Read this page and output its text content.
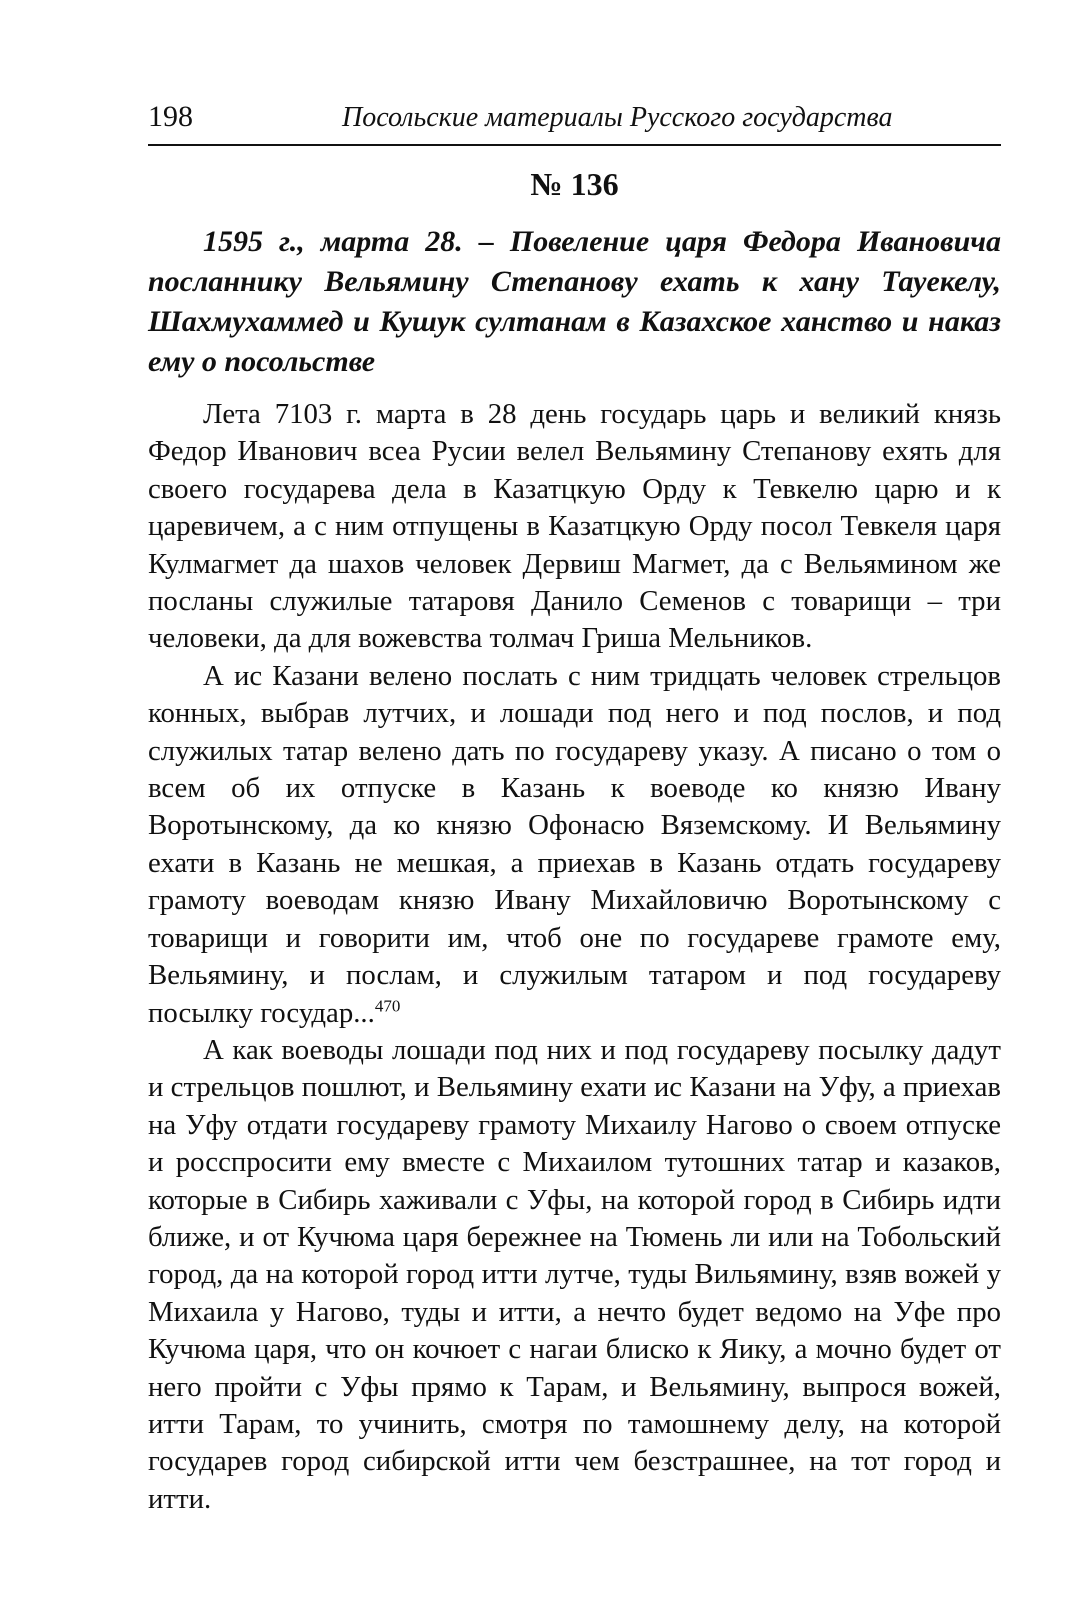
198	Посольские материалы Русского государства
№ 136
1595 г., марта 28. – Повеление царя Федора Ивановича посланнику Вельямину Степанову ехать к хану Тауекелу, Шахмухаммед и Кушук султанам в Казахское ханство и наказ ему о посольстве

Лета 7103 г. марта в 28 день государь царь и великий князь Федор Иванович всеа Русии велел Вельямину Степанову ехять для своего государева дела в Казатцкую Орду к Тевкелю царю и к царевичем, а с ним отпущены в Казатцкую Орду посол Тевкеля царя Кулмагмет да шахов человек Дервиш Магмет, да с Вельямином же посланы служилые татаровя Данило Семенов с товарищи – три человеки, да для вожевства толмач Гриша Мельников.

А ис Казани велено послать с ним тридцать человек стрельцов конных, выбрав лутчих, и лошади под него и под послов, и под служилых татар велено дать по государеву указу. А писано о том о всем об их отпуске в Казань к воеводе ко князю Ивану Воротынскому, да ко князю Офонасю Вяземскому. И Вельямину ехати в Казань не мешкая, а приехав в Казань отдать государеву грамоту воеводам князю Ивану Михайловичю Воротынскому с товарищи и говорити им, чтоб оне по государеве грамоте ему, Вельямину, и послам, и служилым татаром и под государеву посылку государ...$^{470}$

А как воеводы лошади под них и под государеву посылку дадут и стрельцов пошлют, и Вельямину ехати ис Казани на Уфу, а приехав на Уфу отдати государеву грамоту Михаилу Нагово о своем отпуске и росспросити ему вместе с Михаилом тутошних татар и казаков, которые в Сибирь хаживали с Уфы, на которой город в Сибирь идти ближе, и от Кучюма царя бережнее на Тюмень ли или на Тобольский город, да на которой город итти лутче, туды Вильямину, взяв вожей у Михаила у Нагово, туды и итти, а нечто будет ведомо на Уфе про Кучюма царя, что он кочюет с нагаи блиско к Яику, а мочно будет от него пройти с Уфы прямо к Тарам, и Вельямину, выпрося вожей, итти Тарам, то учинить, смотря по тамошнему делу, на которой государев город сибирской итти чем безстрашнее, на тот город и итти.
